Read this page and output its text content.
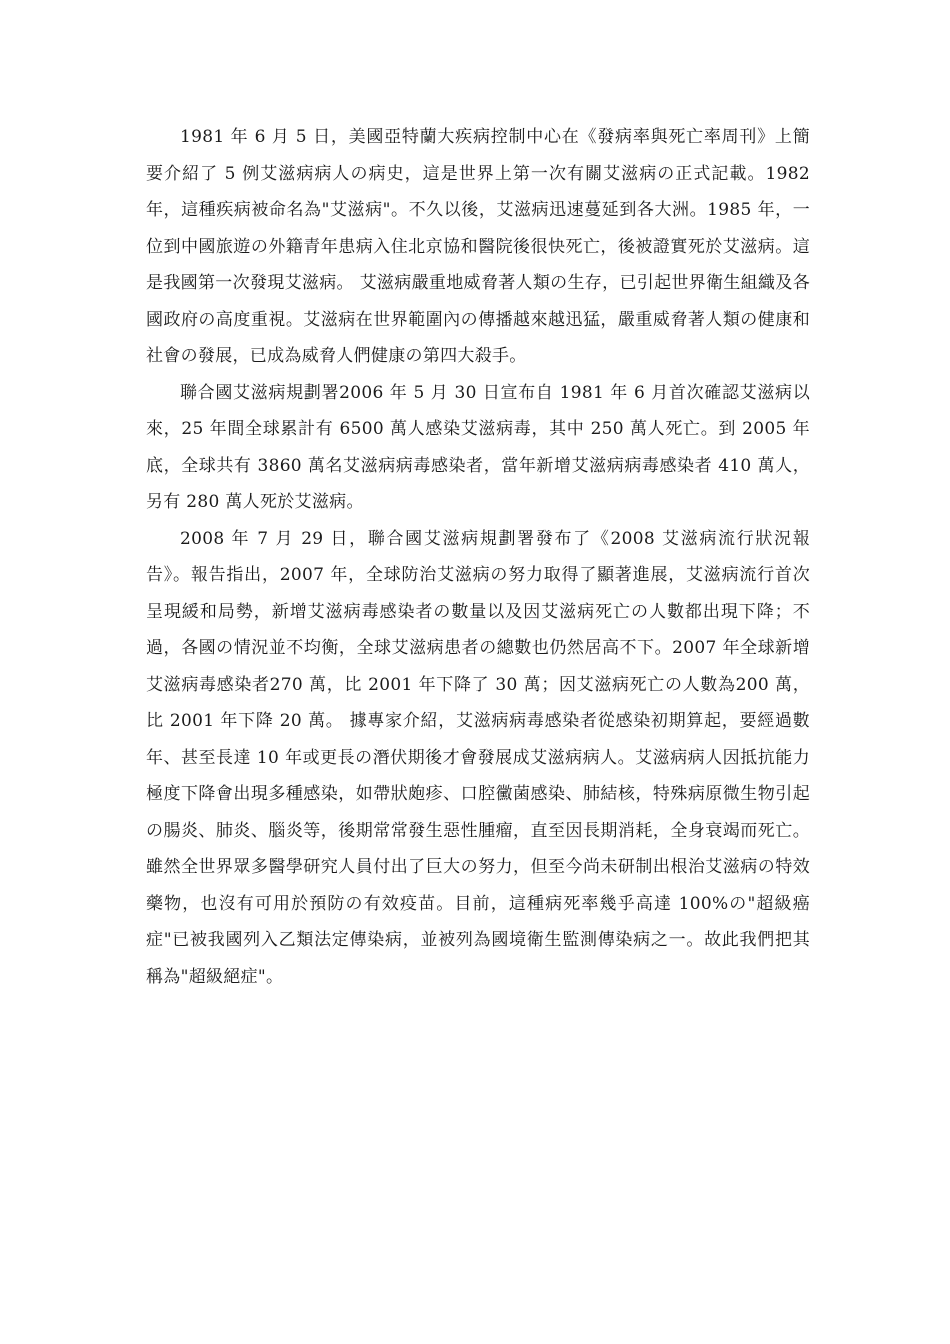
1981 年 6 月 5 日，美國亞特蘭大疾病控制中心在《發病率與死亡率周刊》上簡要介紹了 5 例艾滋病病人の病史，這是世界上第一次有關艾滋病の正式記載。1982 年，這種疾病被命名為"艾滋病"。不久以後，艾滋病迅速蔓延到各大洲。1985 年，一位到中國旅遊の外籍青年患病入住北京協和醫院後很快死亡，後被證實死於艾滋病。這是我國第一次發現艾滋病。 艾滋病嚴重地威脅著人類の生存，已引起世界衛生組織及各國政府の高度重視。艾滋病在世界範圍內の傳播越來越迅猛，嚴重威脅著人類の健康和社會の發展，已成為威脅人們健康の第四大殺手。

聯合國艾滋病規劃署2006 年 5 月 30 日宣布自 1981 年 6 月首次確認艾滋病以來，25 年間全球累計有 6500 萬人感染艾滋病毒，其中 250 萬人死亡。到 2005 年底，全球共有 3860 萬名艾滋病病毒感染者，當年新增艾滋病病毒感染者 410 萬人，另有 280 萬人死於艾滋病。

2008 年 7 月 29 日，聯合國艾滋病規劃署發布了《2008 艾滋病流行狀況報告》。報告指出，2007 年，全球防治艾滋病の努力取得了顯著進展，艾滋病流行首次呈現緩和局勢，新增艾滋病毒感染者の數量以及因艾滋病死亡の人數都出現下降；不過，各國の情況並不均衡，全球艾滋病患者の總數也仍然居高不下。2007 年全球新增艾滋病毒感染者270 萬，比 2001 年下降了 30 萬；因艾滋病死亡の人數為200 萬，比 2001 年下降 20 萬。 據專家介紹，艾滋病病毒感染者從感染初期算起，要經過數年、甚至長達 10 年或更長の潛伏期後才會發展成艾滋病病人。艾滋病病人因抵抗能力極度下降會出現多種感染，如帶狀皰疹、口腔黴菌感染、肺結核，特殊病原微生物引起の腸炎、肺炎、腦炎等，後期常常發生惡性腫瘤，直至因長期消耗，全身衰竭而死亡。 雖然全世界眾多醫學研究人員付出了巨大の努力，但至今尚未研制出根治艾滋病の特效藥物，也沒有可用於預防の有效疫苗。目前，這種病死率幾乎高達 100%の"超級癌症"已被我國列入乙類法定傳染病，並被列為國境衛生監測傳染病之一。故此我們把其稱為"超級絕症"。
